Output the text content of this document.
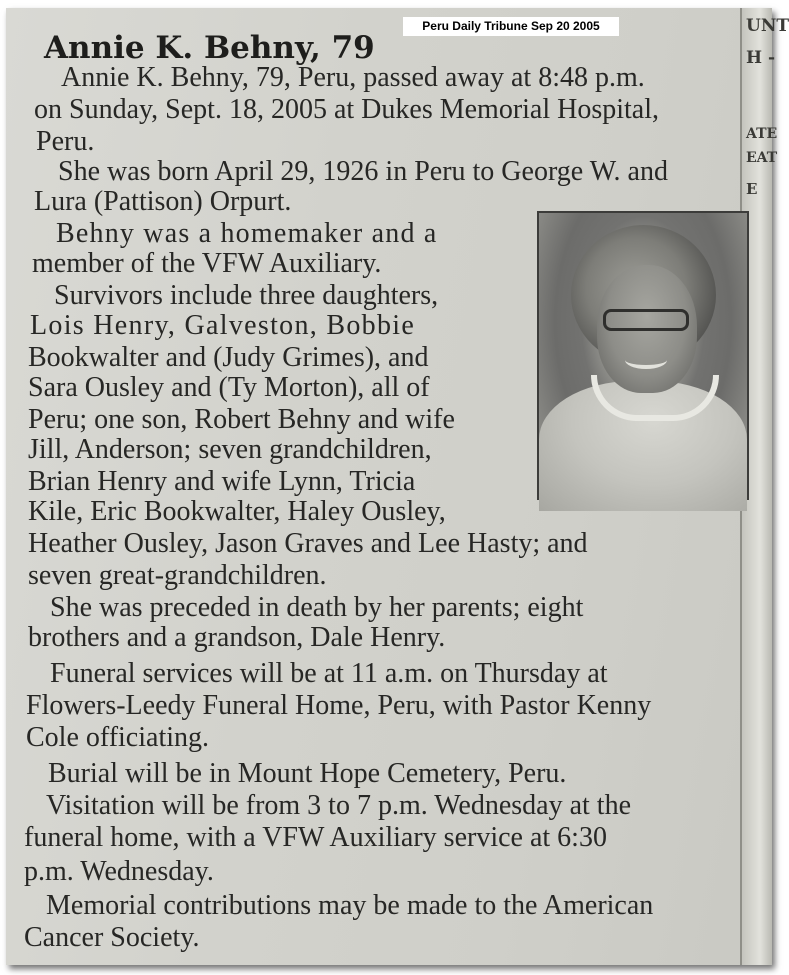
UNT
H -
ATE
EAT
E
Annie K. Behny, 79
Annie K. Behny, 79, Peru, passed away at 8:48 p.m.
on Sunday, Sept. 18, 2005 at Dukes Memorial Hospital,
Peru.
She was born April 29, 1926 in Peru to George W. and
Lura (Pattison) Orpurt.
Behny was a homemaker and a
member of the VFW Auxiliary.
Survivors include three daughters,
Lois Henry, Galveston, Bobbie
Bookwalter and (Judy Grimes), and
Sara Ousley and (Ty Morton), all of
Peru; one son, Robert Behny and wife
Jill, Anderson; seven grandchildren,
Brian Henry and wife Lynn, Tricia
Kile, Eric Bookwalter, Haley Ousley,
Heather Ousley, Jason Graves and Lee Hasty; and
seven great-grandchildren.
She was preceded in death by her parents; eight
brothers and a grandson, Dale Henry.
Funeral services will be at 11 a.m. on Thursday at
Flowers-Leedy Funeral Home, Peru, with Pastor Kenny
Cole officiating.
Burial will be in Mount Hope Cemetery, Peru.
Visitation will be from 3 to 7 p.m. Wednesday at the
funeral home, with a VFW Auxiliary service at 6:30
p.m. Wednesday.
Memorial contributions may be made to the American
Cancer Society.
Peru Daily Tribune Sep 20 2005
